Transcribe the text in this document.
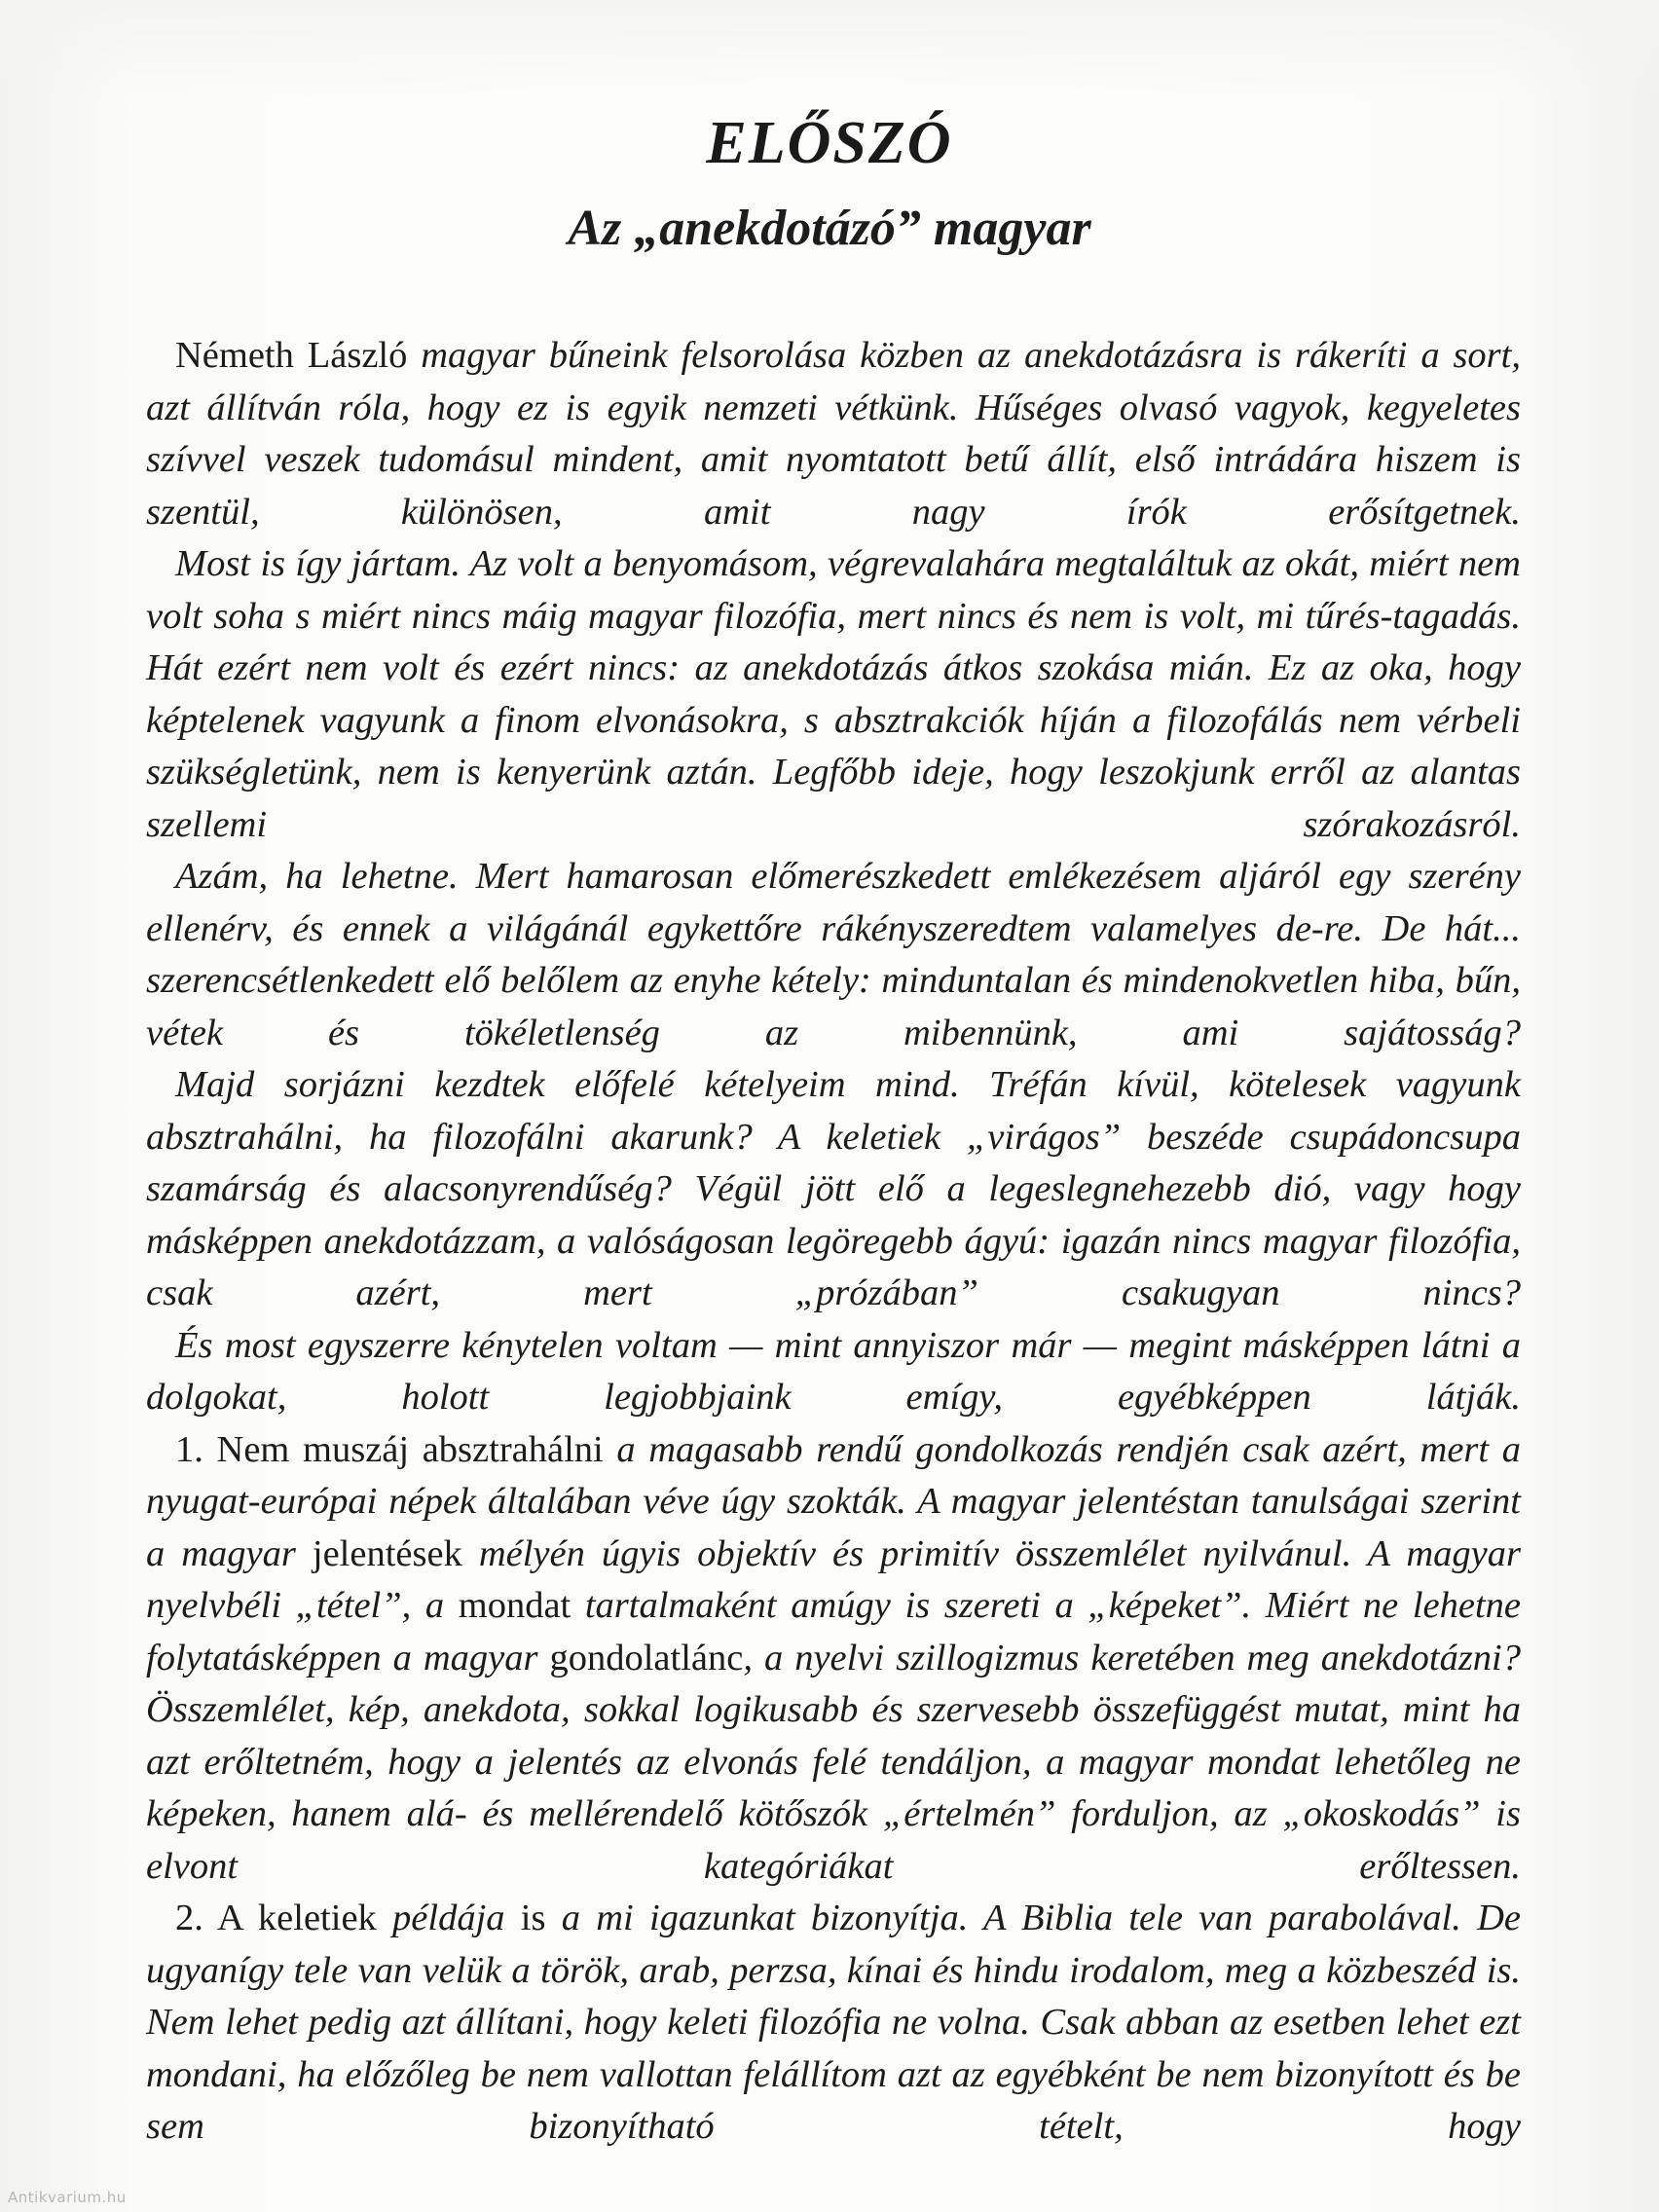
ELŐSZÓ
Az „anekdotázó” magyar

Németh László magyar bűneink felsorolása közben az anekdotázásra is rákeríti a sort, azt állítván róla, hogy ez is egyik nemzeti vétkünk. Hűséges olvasó vagyok, kegyeletes szívvel veszek tudomásul mindent, amit nyomtatott betű állít, első intrádára hiszem is szentül, különösen, amit nagy írók erősítgetnek.

Most is így jártam. Az volt a benyomásom, végrevalahára megtaláltuk az okát, miért nem volt soha s miért nincs máig magyar filozófia, mert nincs és nem is volt, mi tűrés-tagadás. Hát ezért nem volt és ezért nincs: az anekdotázás átkos szokása mián. Ez az oka, hogy képtelenek vagyunk a finom elvonásokra, s absztrakciók híján a filozofálás nem vérbeli szükségletünk, nem is kenyerünk aztán. Legfőbb ideje, hogy leszokjunk erről az alantas szellemi szórakozásról.

Azám, ha lehetne. Mert hamarosan előmerészkedett emlékezésem aljáról egy szerény ellenérv, és ennek a világánál egykettőre rákényszeredtem valamelyes de-re. De hát... szerencsétlenkedett elő belőlem az enyhe kétely: minduntalan és mindenokvetlen hiba, bűn, vétek és tökéletlenség az mibennünk, ami sajátosság?

Majd sorjázni kezdtek előfelé kételyeim mind. Tréfán kívül, kötelesek vagyunk absztrahálni, ha filozofálni akarunk? A keletiek „virágos” beszéde csupádoncsupa szamárság és alacsonyrendűség? Végül jött elő a legeslegnehezebb dió, vagy hogy másképpen anekdotázzam, a valóságosan legöregebb ágyú: igazán nincs magyar filozófia, csak azért, mert „prózában” csakugyan nincs?

És most egyszerre kénytelen voltam — mint annyiszor már — megint másképpen látni a dolgokat, holott legjobbjaink emígy, egyébképpen látják.

1. Nem muszáj absztrahálni a magasabb rendű gondolkozás rendjén csak azért, mert a nyugat-európai népek általában véve úgy szokták. A magyar jelentéstan tanulságai szerint a magyar jelentések mélyén úgyis objektív és primitív összemlélet nyilvánul. A magyar nyelvbéli „tétel”, a mondat tartalmaként amúgy is szereti a „képeket”. Miért ne lehetne folytatásképpen a magyar gondolatlánc, a nyelvi szillogizmus keretében meg anekdotázni? Összemlélet, kép, anekdota, sokkal logikusabb és szervesebb összefüggést mutat, mint ha azt erőltetném, hogy a jelentés az elvonás felé tendáljon, a magyar mondat lehetőleg ne képeken, hanem alá- és mellérendelő kötőszók „értelmén” forduljon, az „okoskodás” is elvont kategóriákat erőltessen.

2. A keletiek példája is a mi igazunkat bizonyítja. A Biblia tele van parabolával. De ugyanígy tele van velük a török, arab, perzsa, kínai és hindu irodalom, meg a közbeszéd is. Nem lehet pedig azt állítani, hogy keleti filozófia ne volna. Csak abban az esetben lehet ezt mondani, ha előzőleg be nem vallottan felállítom azt az egyébként be nem bizonyított és be sem bizonyítható tételt, hogy

Antikvarium.hu
